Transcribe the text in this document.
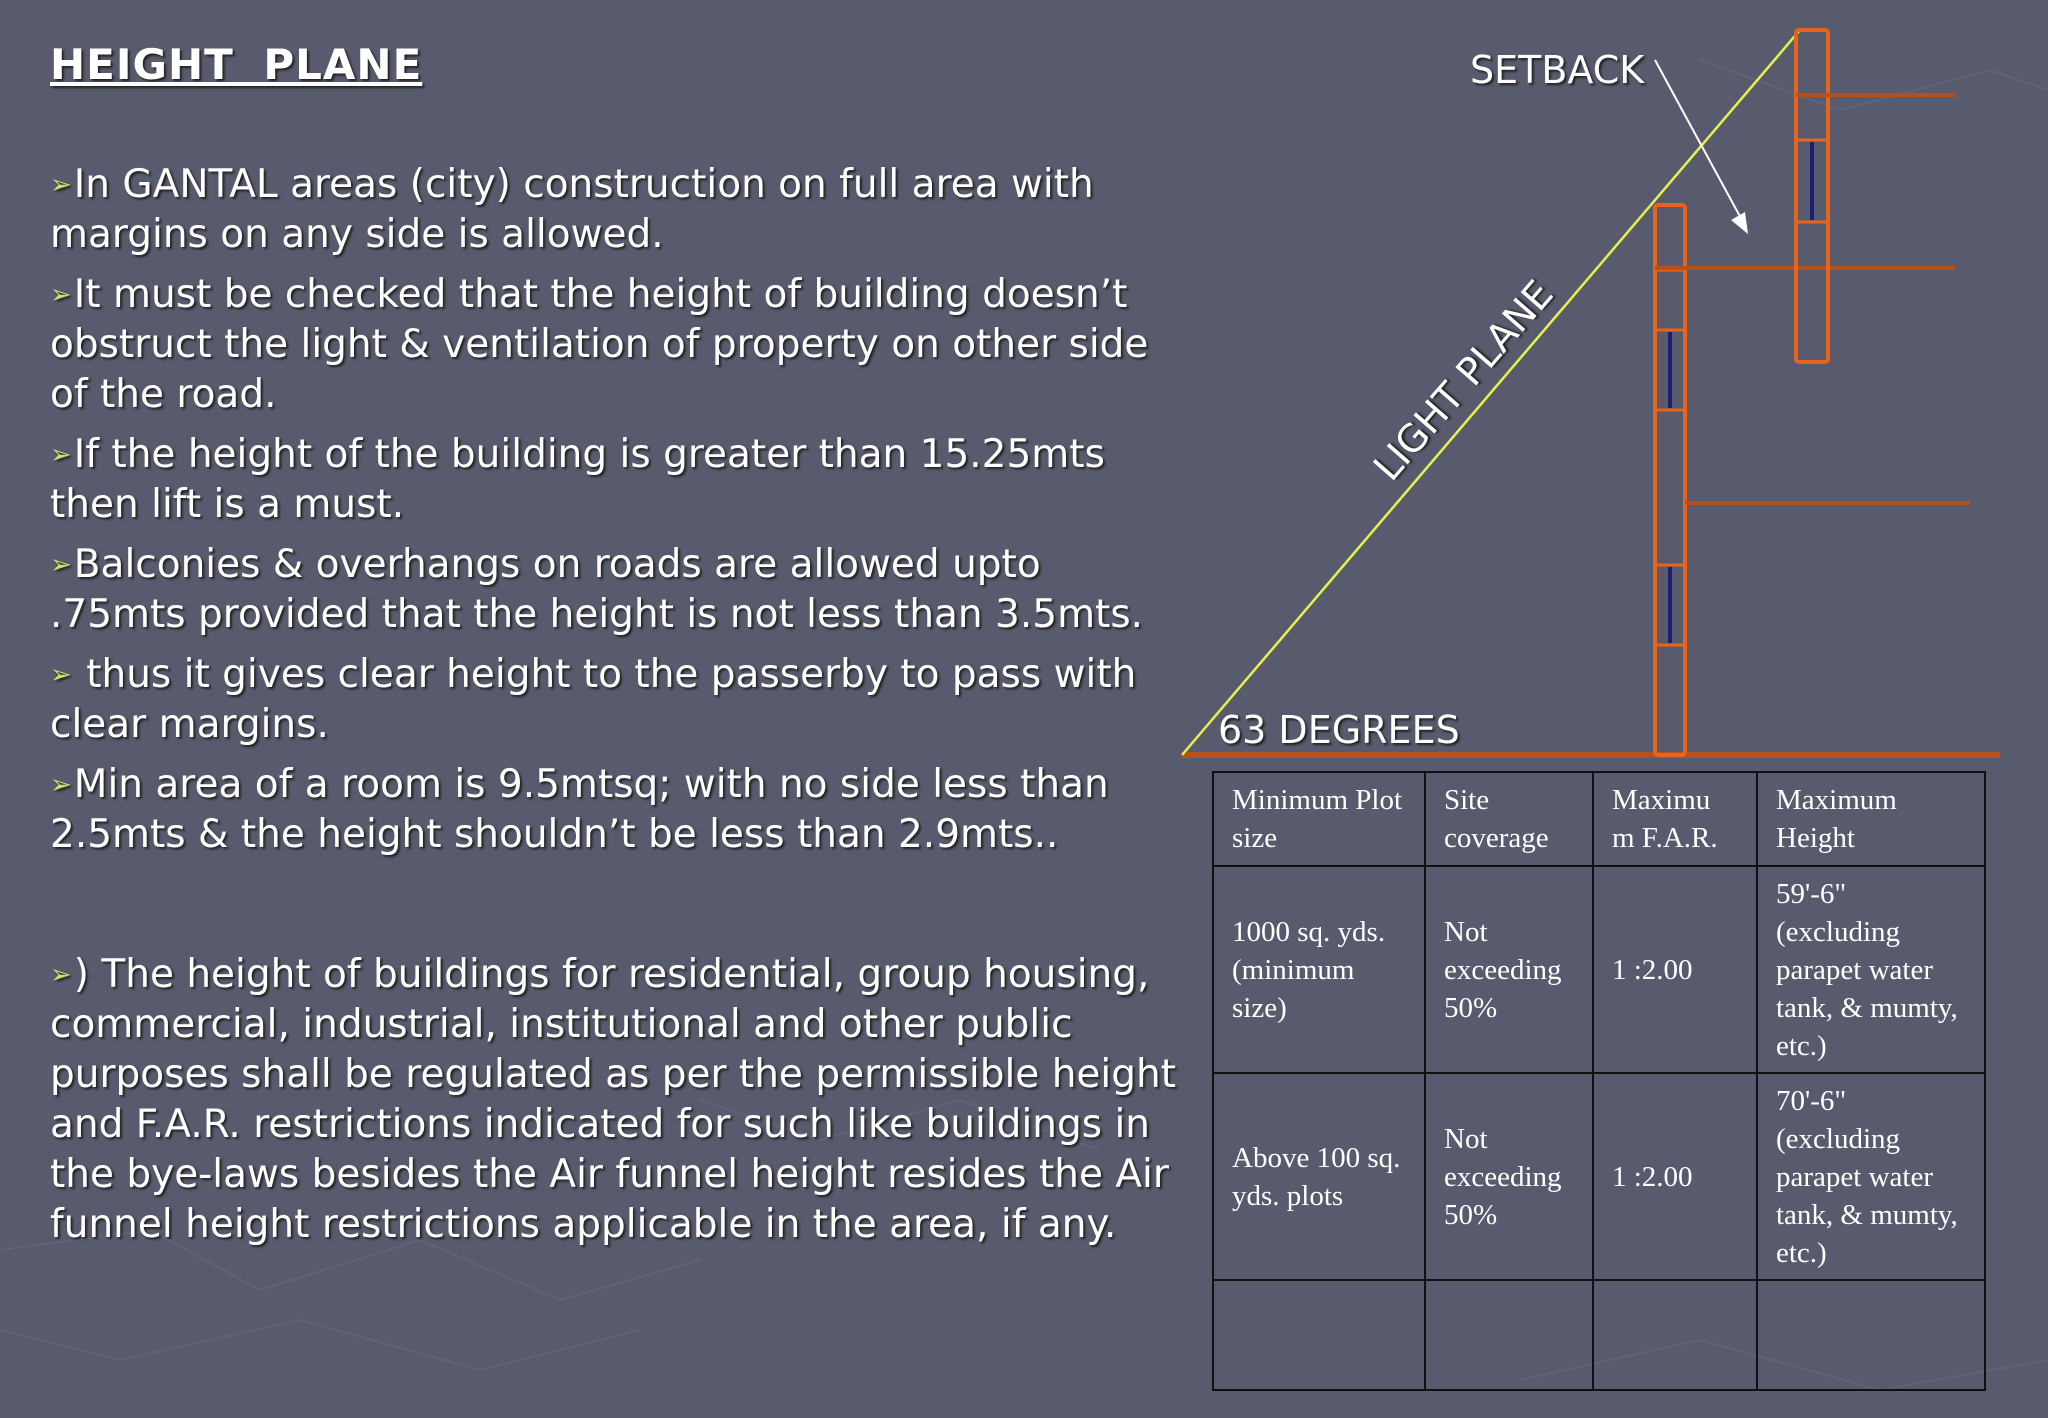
HEIGHT PLANE

➢In GANTAL areas (city) construction on full area with margins on any side is allowed.

➢It must be checked that the height of building doesn’t obstruct the light & ventilation of property on other side of the road.

➢If the height of the building is greater than 15.25mts then lift is a must.

➢Balconies & overhangs on roads are allowed upto .75mts provided that the height is not less than 3.5mts.

➢ thus it gives clear height to the passerby to pass with clear margins.

➢Min area of a room is 9.5mtsq; with no side less than 2.5mts & the height shouldn’t be less than 2.9mts..

➢) The height of buildings for residential, group housing, commercial, industrial, institutional and other public purposes shall be regulated as per the permissible height and F.A.R. restrictions indicated for such like buildings in the bye-laws besides the Air funnel height resides the Air funnel height restrictions applicable in the area, if any.

SETBACK
LIGHT PLANE
63 DEGREES
Minimum Plot size	Site coverage	Maximu m F.A.R.	Maximum Height
1000 sq. yds. (minimum size)	Not exceeding 50%	1 :2.00	59'-6" (excluding parapet water tank, & mumty, etc.)
Above 100 sq. yds. plots	Not exceeding 50%	1 :2.00	70'-6" (excluding parapet water tank, & mumty, etc.)
